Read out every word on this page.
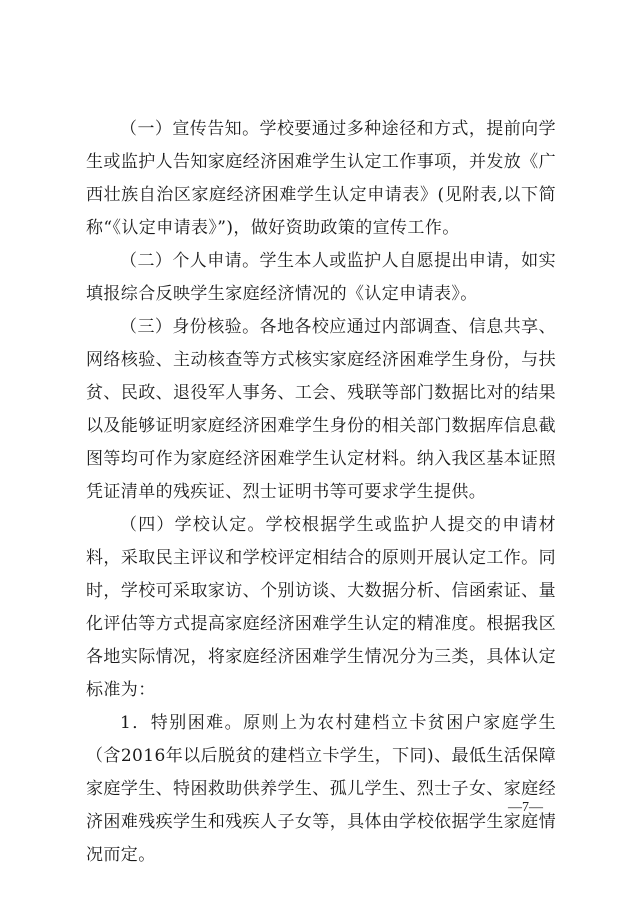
（一）宣传告知。学校要通过多种途径和方式，提前向学生或监护人告知家庭经济困难学生认定工作事项，并发放《广西壮族自治区家庭经济困难学生认定申请表》(见附表,以下简称“《认定申请表》”)，做好资助政策的宣传工作。

（二）个人申请。学生本人或监护人自愿提出申请，如实填报综合反映学生家庭经济情况的《认定申请表》。

（三）身份核验。各地各校应通过内部调查、信息共享、网络核验、主动核查等方式核实家庭经济困难学生身份，与扶贫、民政、退役军人事务、工会、残联等部门数据比对的结果以及能够证明家庭经济困难学生身份的相关部门数据库信息截图等均可作为家庭经济困难学生认定材料。纳入我区基本证照凭证清单的残疾证、烈士证明书等可要求学生提供。

（四）学校认定。学校根据学生或监护人提交的申请材料，采取民主评议和学校评定相结合的原则开展认定工作。同时，学校可采取家访、个别访谈、大数据分析、信函索证、量化评估等方式提高家庭经济困难学生认定的精准度。根据我区各地实际情况，将家庭经济困难学生情况分为三类，具体认定标准为：

1．特别困难。原则上为农村建档立卡贫困户家庭学生（含2016年以后脱贫的建档立卡学生，下同)、最低生活保障家庭学生、特困救助供养学生、孤儿学生、烈士子女、家庭经济困难残疾学生和残疾人子女等，具体由学校依据学生家庭情况而定。

—7—
